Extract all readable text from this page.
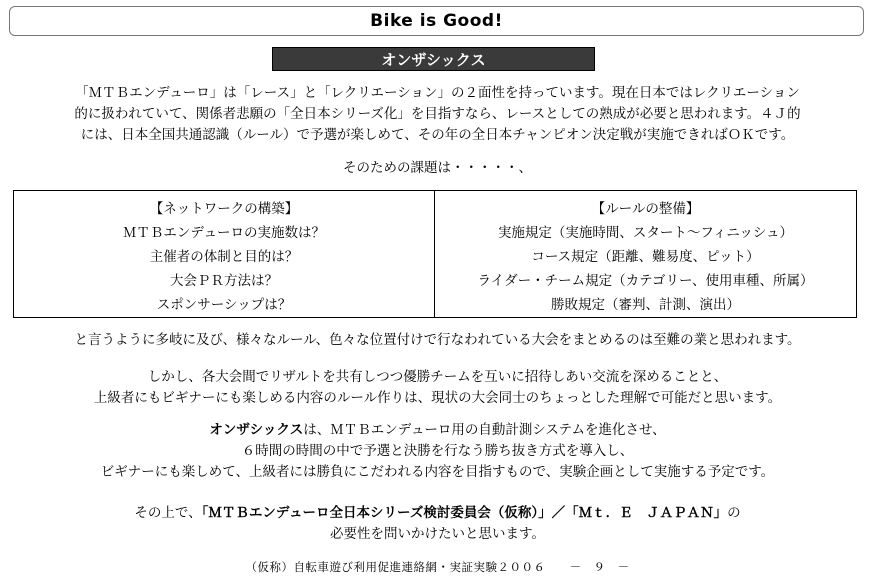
Bike is Good!
オンザシックス
「ＭＴＢエンデューロ」は「レース」と「レクリエーション」の２面性を持っています。現在日本ではレクリエーション
的に扱われていて、関係者悲願の「全日本シリーズ化」を目指すなら、レースとしての熟成が必要と思われます。４Ｊ的
には、日本全国共通認識（ルール）で予選が楽しめて、その年の全日本チャンピオン決定戦が実施できればＯＫです。
そのための課題は・・・・・、
【ネットワークの構築】
ＭＴＢエンデューロの実施数は？
主催者の体制と目的は？
大会ＰＲ方法は？
スポンサーシップは？
【ルールの整備】
実施規定（実施時間、スタート～フィニッシュ）
コース規定（距離、難易度、ピット）
ライダー・チーム規定（カテゴリー、使用車種、所属）
勝敗規定（審判、計測、演出）
と言うように多岐に及び、様々なルール、色々な位置付けで行なわれている大会をまとめるのは至難の業と思われます。
しかし、各大会間でリザルトを共有しつつ優勝チームを互いに招待しあい交流を深めることと、
上級者にもビギナーにも楽しめる内容のルール作りは、現状の大会同士のちょっとした理解で可能だと思います。
オンザシックスは、ＭＴＢエンデューロ用の自動計測システムを進化させ、
６時間の時間の中で予選と決勝を行なう勝ち抜き方式を導入し、
ビギナーにも楽しめて、上級者には勝負にこだわれる内容を目指すもので、実験企画として実施する予定です。
その上で、「ＭＴＢエンデューロ全日本シリーズ検討委員会（仮称）」／「Ｍｔ．Ｅ　ＪＡＰＡＮ」の
必要性を問いかけたいと思います。
（仮称）自転車遊び利用促進連絡網・実証実験２００６　　－　９　－
